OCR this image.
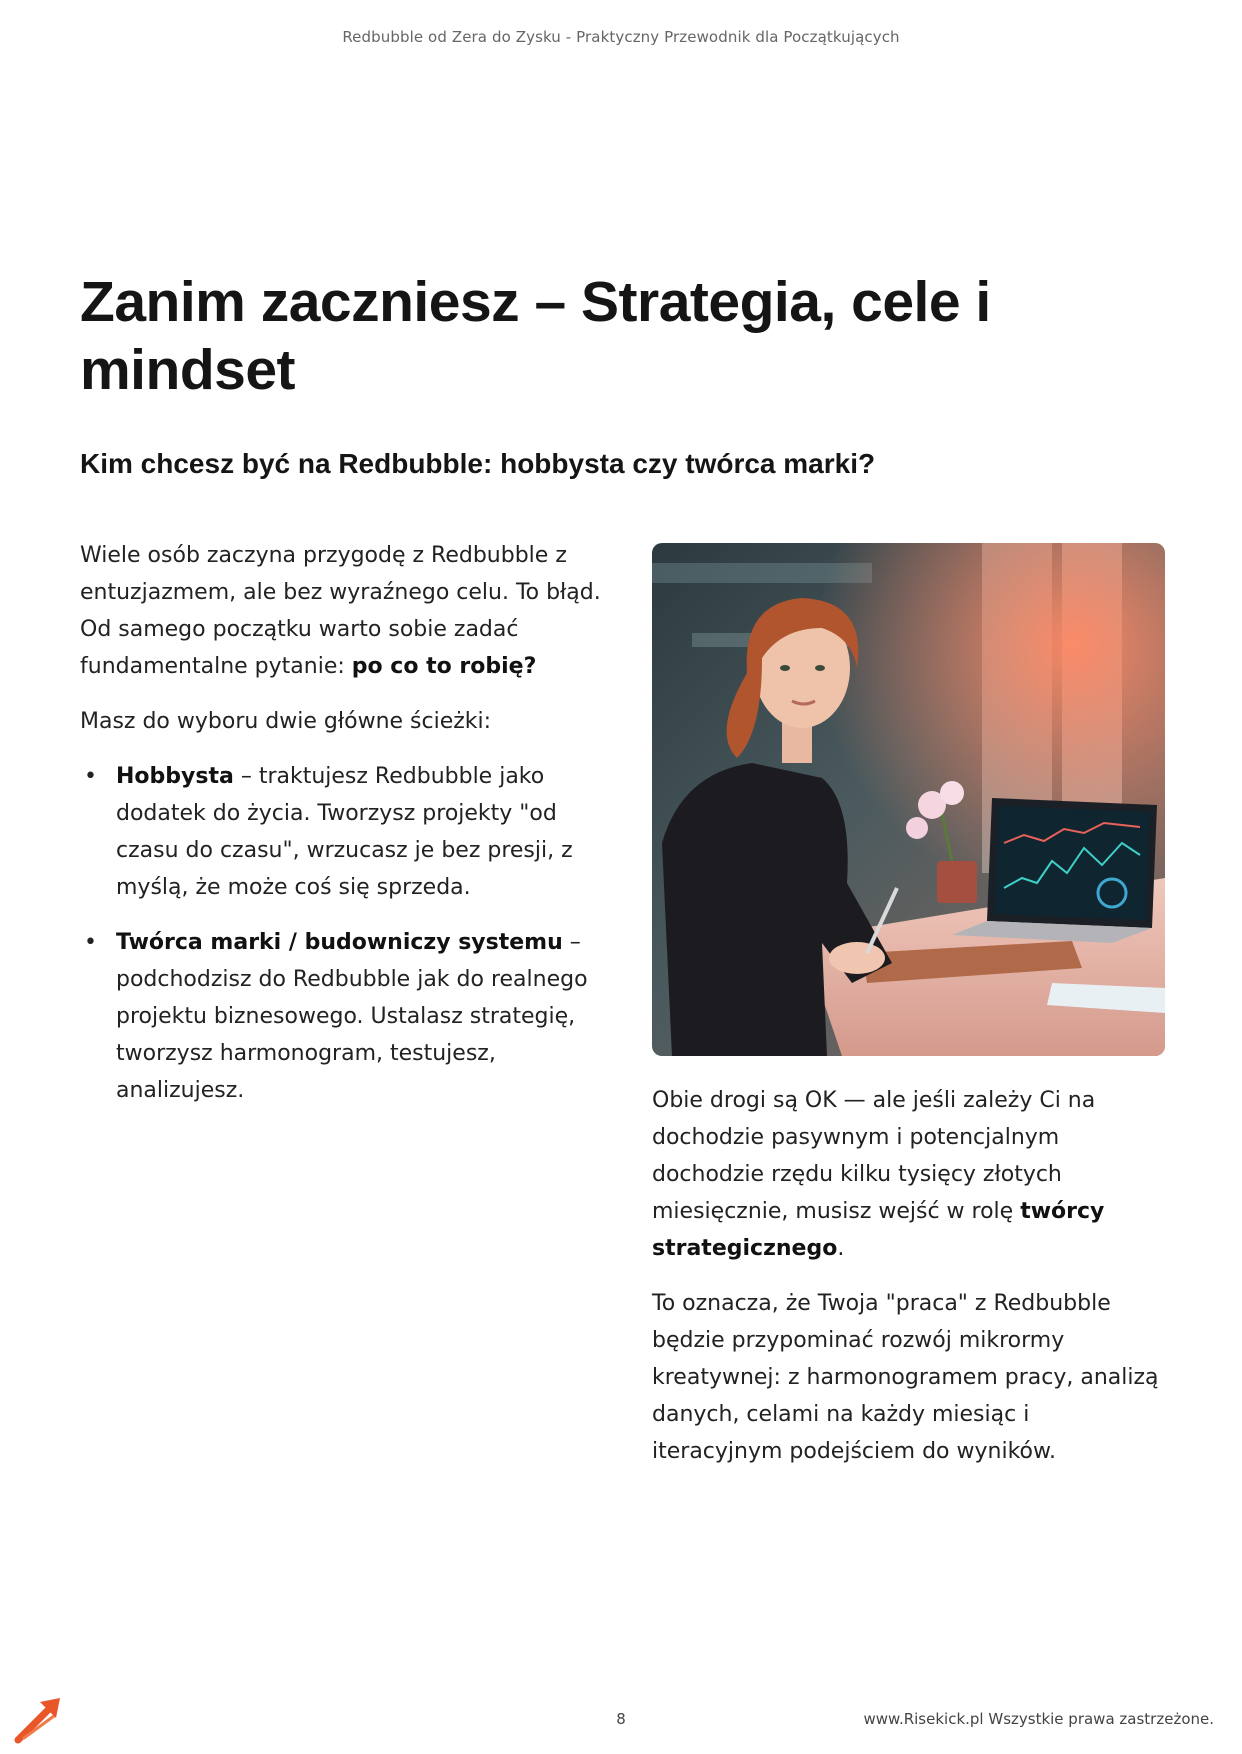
Redbubble od Zera do Zysku - Praktyczny Przewodnik dla Początkujących
Zanim zaczniesz – Strategia, cele i mindset
Kim chcesz być na Redbubble: hobbysta czy twórca marki?

Wiele osób zaczyna przygodę z Redbubble z entuzjazmem, ale bez wyraźnego celu. To błąd. Od samego początku warto sobie zadać fundamentalne pytanie: po co to robię?

Masz do wyboru dwie główne ścieżki:

• Hobbysta – traktujesz Redbubble jako dodatek do życia. Tworzysz projekty "od czasu do czasu", wrzucasz je bez presji, z myślą, że może coś się sprzeda.
• Twórca marki / budowniczy systemu – podchodzisz do Redbubble jak do realnego projektu biznesowego. Ustalasz strategię, tworzysz harmonogram, testujesz, analizujesz.	Obie drogi są OK — ale jeśli zależy Ci na dochodzie pasywnym i potencjalnym dochodzie rzędu kilku tysięcy złotych miesięcznie, musisz wejść w rolę twórcy strategicznego.

To oznacza, że Twoja "praca" z Redbubble będzie przypominać rozwój mikrormy kreatywnej: z harmonogramem pracy, analizą danych, celami na każdy miesiąc i iteracyjnym podejściem do wyników.

8	www.Risekick.pl Wszystkie prawa zastrzeżone.
